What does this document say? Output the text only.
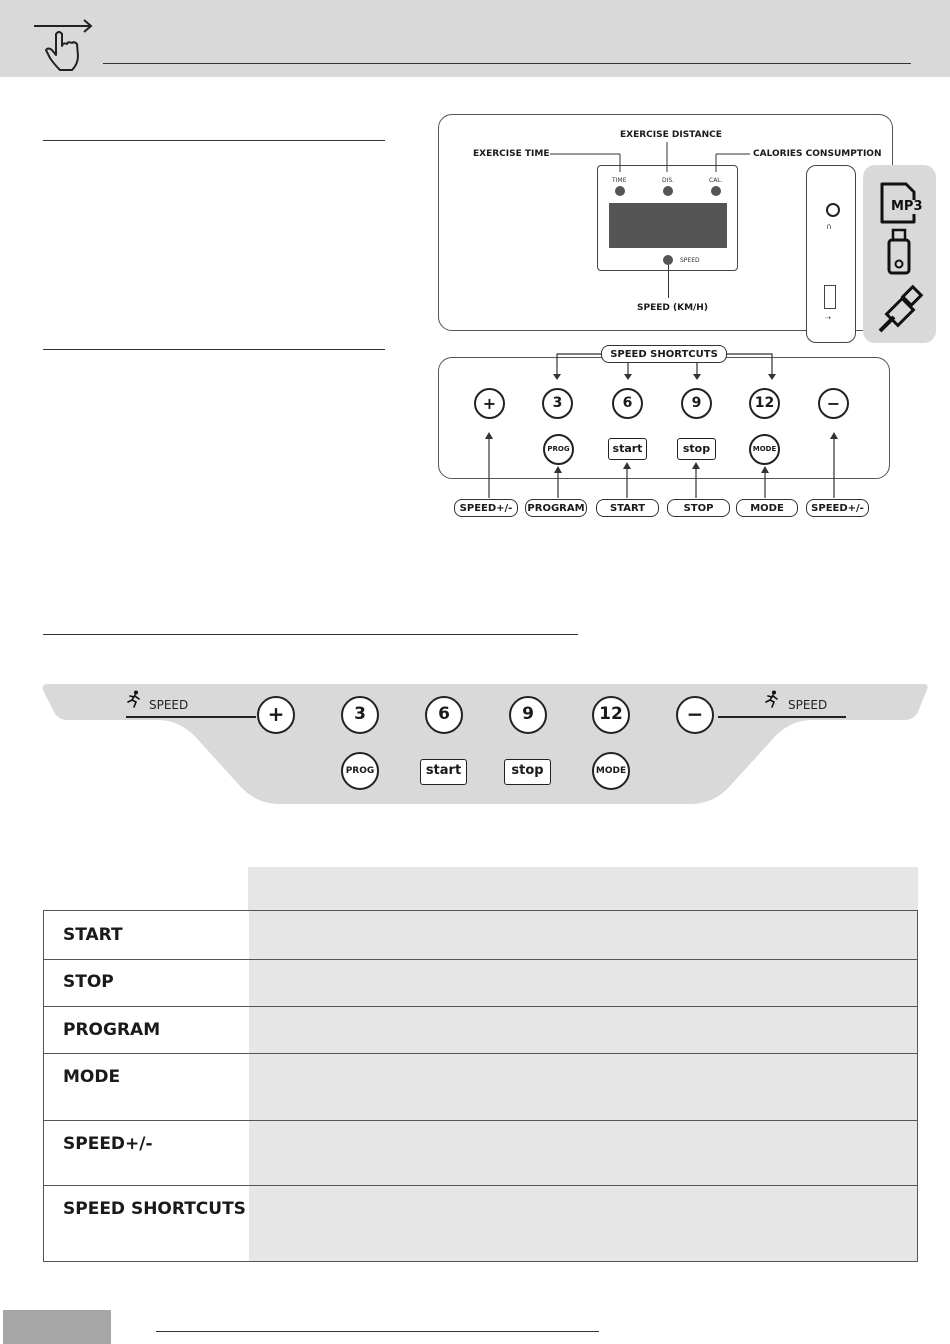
EXERCISE DISTANCE
EXERCISE TIME	CALORIES CONSUMPTION
TIME	DIS.	CAL.
SPEED
SPEED (KM/H)
∩
⇢
MP3
SPEED SHORTCUTS
+	3	6	9	12	−
PROG	start	stop	MODE
SPEED+/-	PROGRAM	START	STOP	MODE	SPEED+/-
SPEED	SPEED
+	3	6	9	12	−
PROG	start	stop	MODE
START
STOP
PROGRAM
MODE
SPEED+/-
SPEED SHORTCUTS
